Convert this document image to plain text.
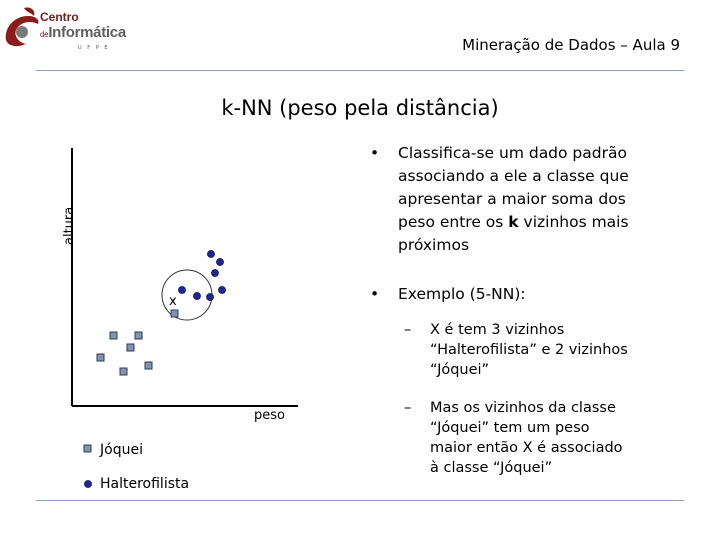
Centro
deInformática
U F P E	Mineração de Dados – Aula 9
k-NN (peso pela distância)
altura
peso
x
Jóquei
Halterofilista
• Classifica-se um dado padrão associando a ele a classe que apresentar a maior soma dos peso entre os k vizinhos mais próximos
• Exemplo (5-NN):
– X é tem 3 vizinhos “Halterofilista” e 2 vizinhos “Jóquei”
– Mas os vizinhos da classe “Jóquei” tem um peso maior então X é associado à classe “Jóquei”
